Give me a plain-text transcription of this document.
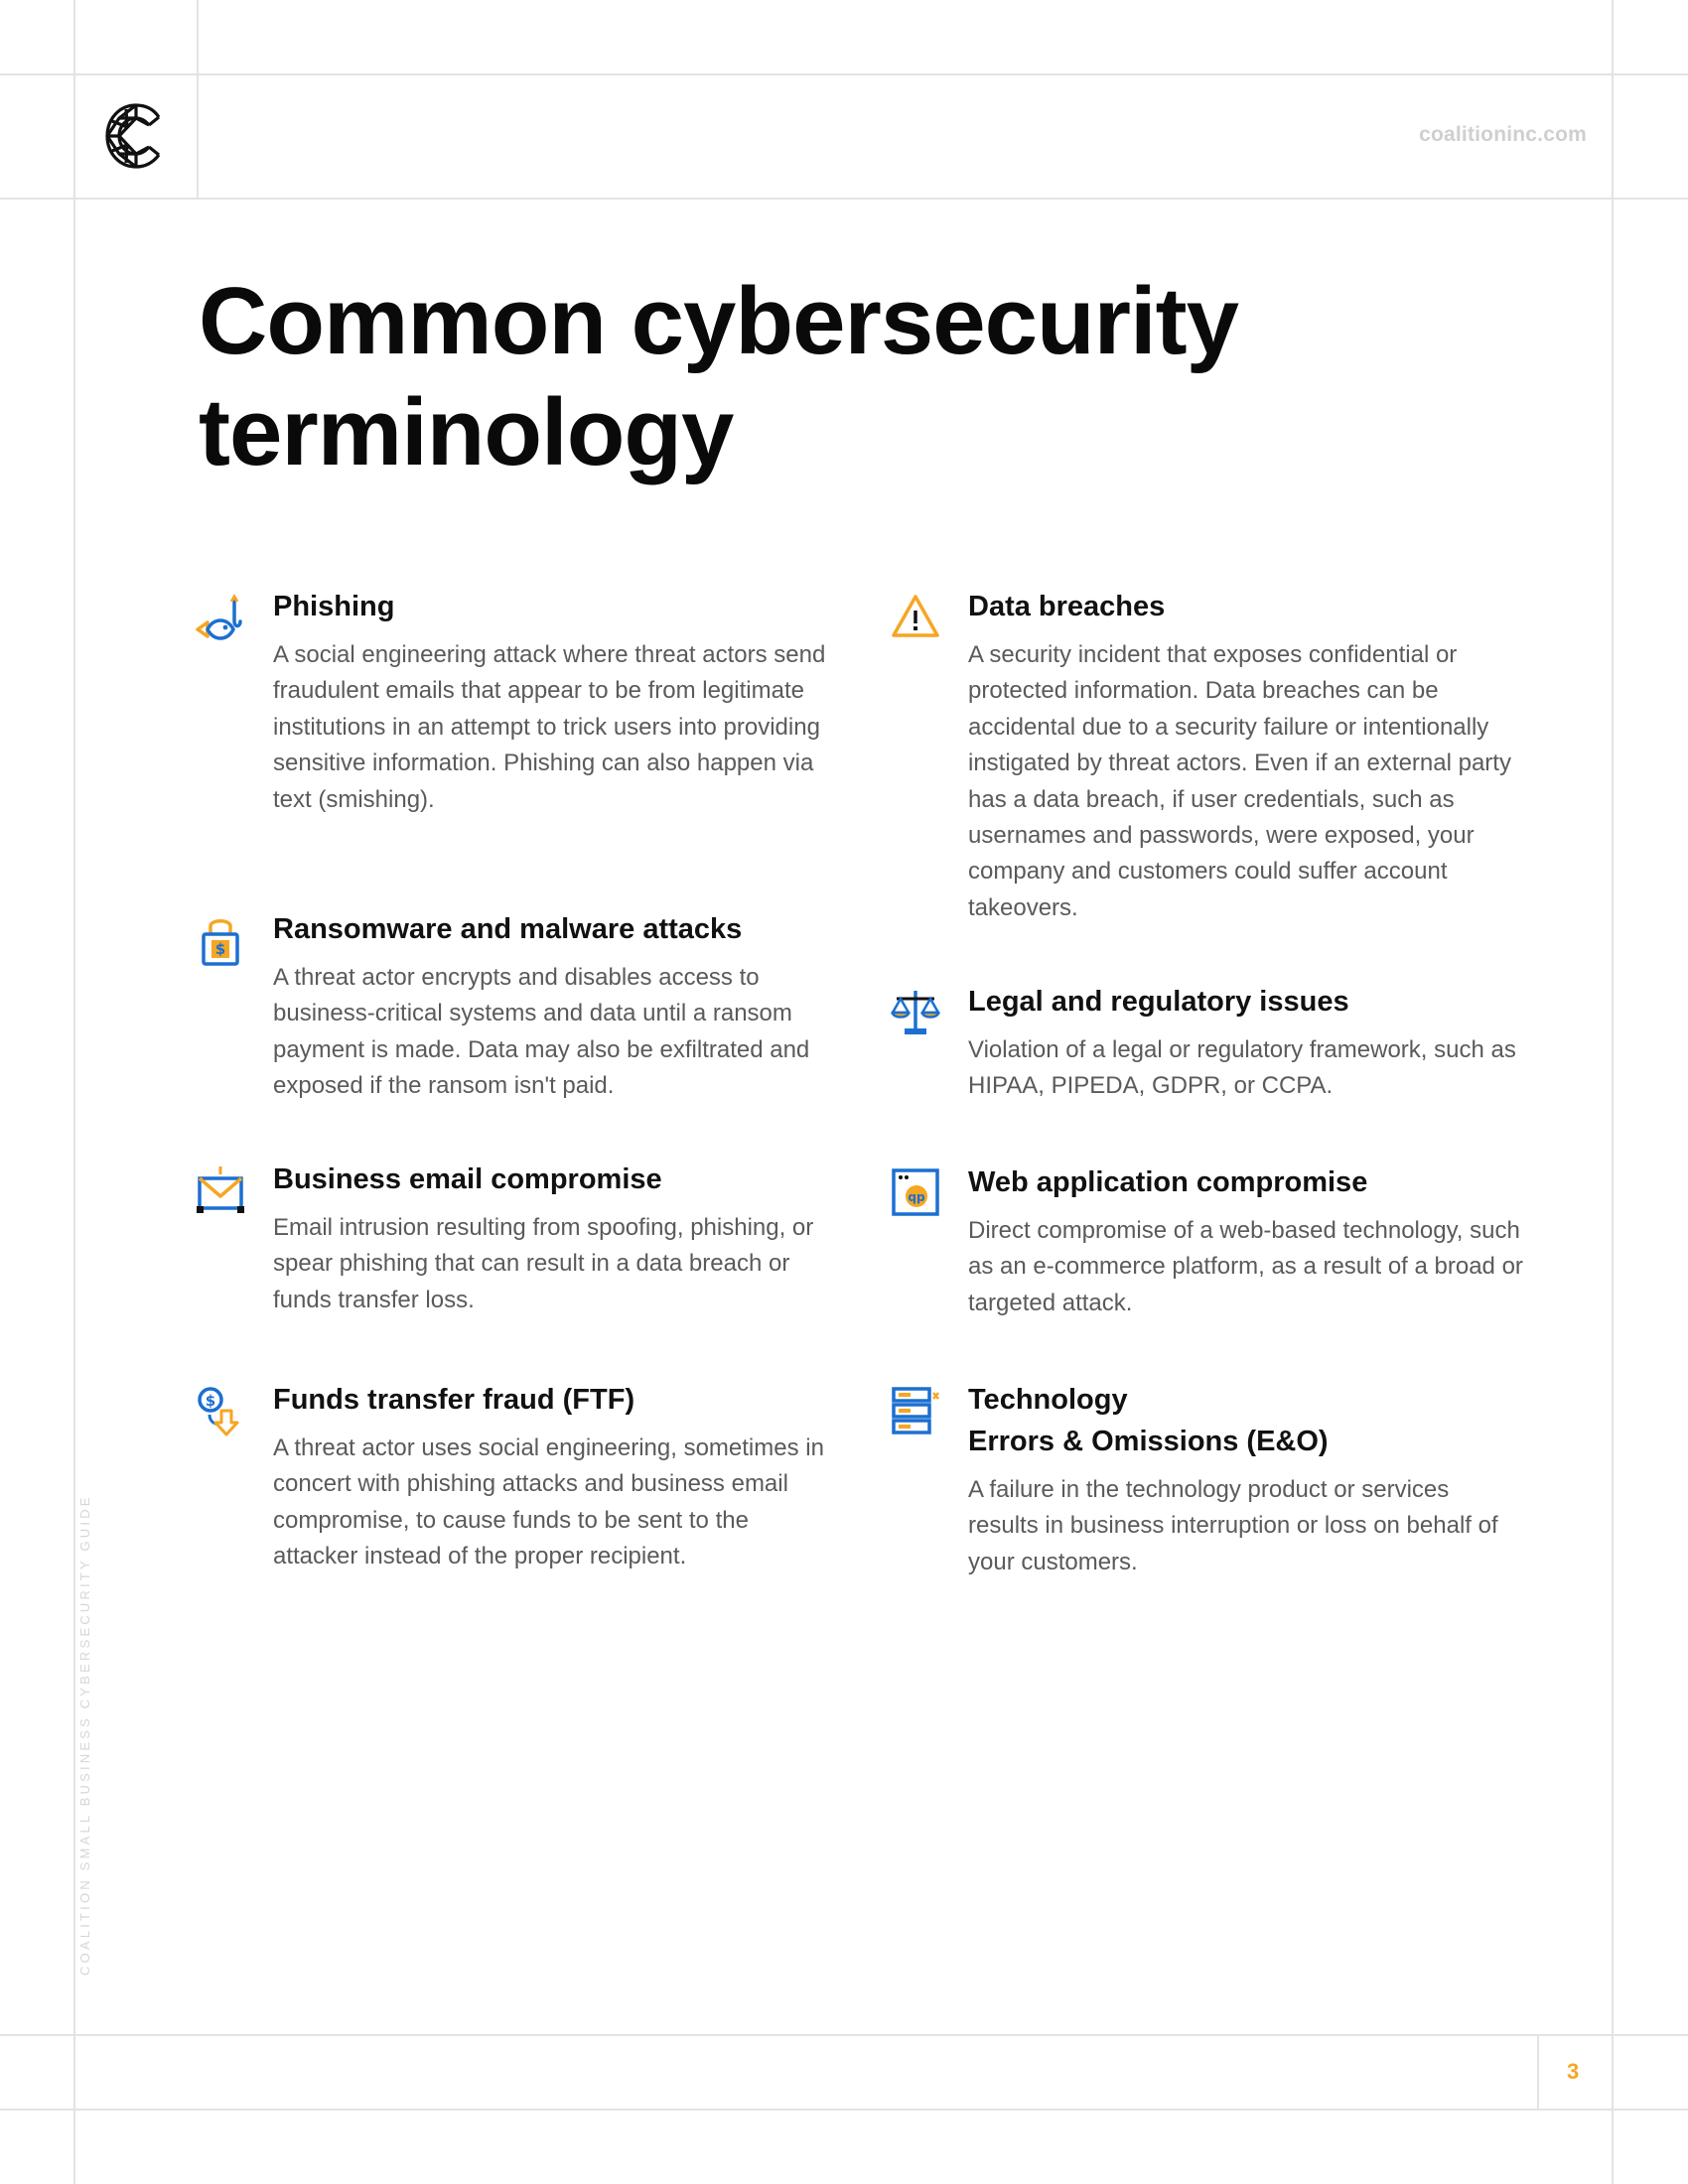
coalitioninc.com
Common cybersecurity terminology
Phishing

A social engineering attack where threat actors send fraudulent emails that appear to be from legitimate institutions in an attempt to trick users into providing sensitive information. Phishing can also happen via text (smishing).

$
Ransomware and malware attacks

A threat actor encrypts and disables access to business-critical systems and data until a ransom payment is made. Data may also be exfiltrated and exposed if the ransom isn't paid.

Business email compromise

Email intrusion resulting from spoofing, phishing, or spear phishing that can result in a data breach or funds transfer loss.

$ Funds transfer fraud (FTF)

A threat actor uses social engineering, sometimes in concert with phishing attacks and business email compromise, to cause funds to be sent to the attacker instead of the proper recipient.

Data breaches

A security incident that exposes confidential or protected information. Data breaches can be accidental due to a security failure or intentionally instigated by threat actors. Even if an external party has a data breach, if user credentials, such as usernames and passwords, were exposed, your company and customers could suffer account takeovers.

Legal and regulatory issues

Violation of a legal or regulatory framework, such as HIPAA, PIPEDA, GDPR, or CCPA.

qp Web application compromise

Direct compromise of a web-based technology, such as an e-commerce platform, as a result of a broad or targeted attack.

Technology
Errors & Omissions (E&O)

A failure in the technology product or services results in business interruption or loss on behalf of your customers.

COALITION SMALL BUSINESS CYBERSECURITY GUIDE
3
